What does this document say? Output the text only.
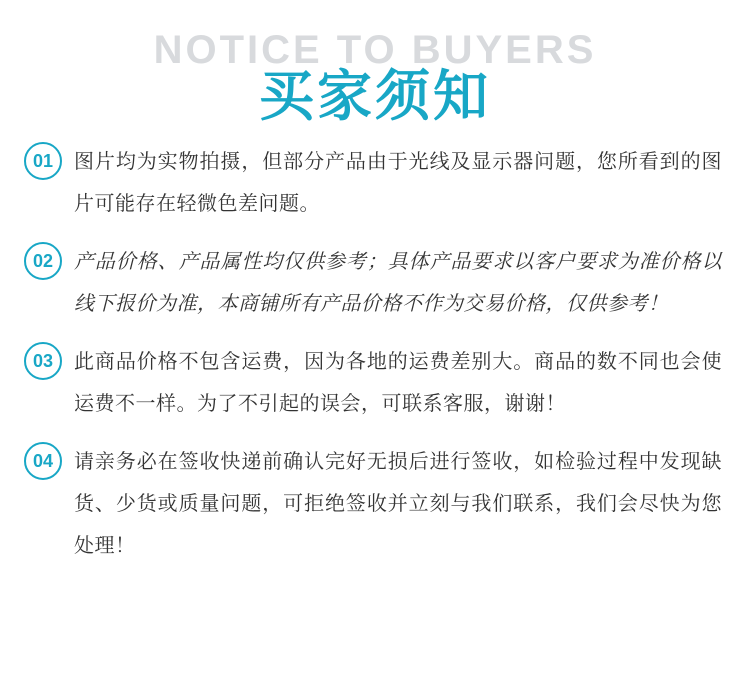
NOTICE TO BUYERS
买家须知
01	图片均为实物拍摄，但部分产品由于光线及显示器问题，您所看到的图片可能存在轻微色差问题。
02	产品价格、产品属性均仅供参考；具体产品要求以客户要求为准价格以线下报价为准，本商铺所有产品价格不作为交易价格，仅供参考！
03	此商品价格不包含运费，因为各地的运费差别大。商品的数不同也会使运费不一样。为了不引起的误会，可联系客服，谢谢！
04	请亲务必在签收快递前确认完好无损后进行签收，如检验过程中发现缺货、少货或质量问题，可拒绝签收并立刻与我们联系，我们会尽快为您处理！
